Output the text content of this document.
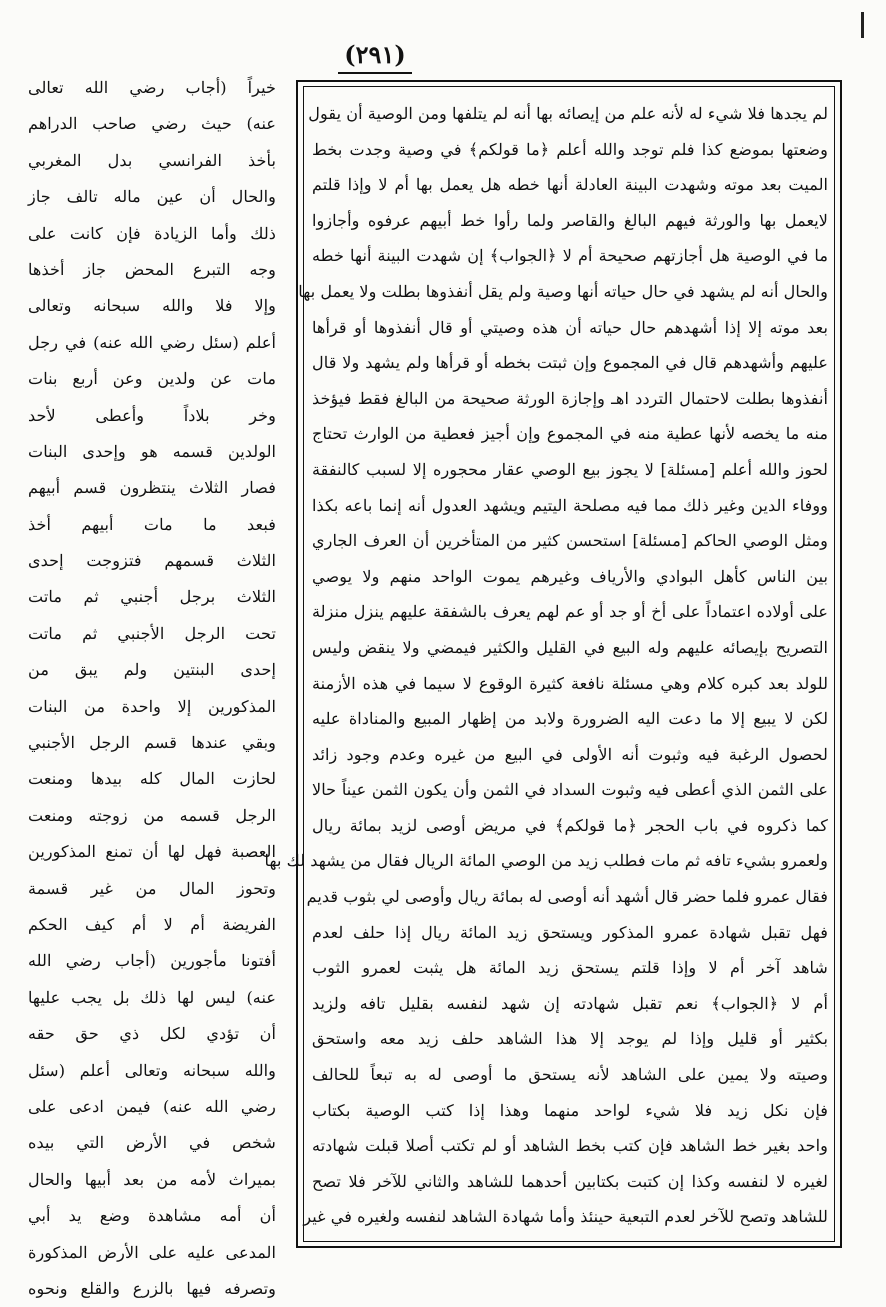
(٢٩١)
لم يجدها فلا شيء له لأنه علم من إيصائه بها أنه لم يتلفها ومن الوصية أن يقول
وضعتها بموضع كذا فلم توجد والله أعلم ﴿ما قولكم﴾ في وصية وجدت بخط
الميت بعد موته وشهدت البينة العادلة أنها خطه هل يعمل بها أم لا وإذا قلتم
لايعمل بها والورثة فيهم البالغ والقاصر ولما رأوا خط أبيهم عرفوه وأجازوا
ما في الوصية هل أجازتهم صحيحة أم لا ﴿الجواب﴾ إن شهدت البينة أنها خطه
والحال أنه لم يشهد في حال حياته أنها وصية ولم يقل أنفذوها بطلت ولا يعمل بها
بعد موته إلا إذا أشهدهم حال حياته أن هذه وصيتي أو قال أنفذوها أو قرأها
عليهم وأشهدهم قال في المجموع وإن ثبتت بخطه أو قرأها ولم يشهد ولا قال
أنفذوها بطلت لاحتمال التردد اهـ وإجازة الورثة صحيحة من البالغ فقط فيؤخذ
منه ما يخصه لأنها عطية منه في المجموع وإن أجيز فعطية من الوارث تحتاج
لحوز والله أعلم [مسئلة] لا يجوز بيع الوصي عقار محجوره إلا لسبب كالنفقة
ووفاء الدين وغير ذلك مما فيه مصلحة اليتيم ويشهد العدول أنه إنما باعه بكذا
ومثل الوصي الحاكم [مسئلة] استحسن كثير من المتأخرين أن العرف الجاري
بين الناس كأهل البوادي والأرياف وغيرهم يموت الواحد منهم ولا يوصي
على أولاده اعتماداً على أخ أو جد أو عم لهم يعرف بالشفقة عليهم ينزل منزلة
التصريح بإيصائه عليهم وله البيع في القليل والكثير فيمضي ولا ينقض وليس
للولد بعد كبره كلام وهي مسئلة نافعة كثيرة الوقوع لا سيما في هذه الأزمنة
لكن لا يبيع إلا ما دعت اليه الضرورة ولابد من إظهار المبيع والمناداة عليه
لحصول الرغبة فيه وثبوت أنه الأولى في البيع من غيره وعدم وجود زائد
على الثمن الذي أعطى فيه وثبوت السداد في الثمن وأن يكون الثمن عيناً حالا
كما ذكروه في باب الحجر ﴿ما قولكم﴾ في مريض أوصى لزيد بمائة ريال
ولعمرو بشيء تافه ثم مات فطلب زيد من الوصي المائة الريال فقال من يشهد لك بها
فقال عمرو فلما حضر قال أشهد أنه أوصى له بمائة ريال وأوصى لي بثوب قديم
فهل تقبل شهادة عمرو المذكور ويستحق زيد المائة ريال إذا حلف لعدم
شاهد آخر أم لا وإذا قلتم يستحق زيد المائة هل يثبت لعمرو الثوب
أم لا ﴿الجواب﴾ نعم تقبل شهادته إن شهد لنفسه بقليل تافه ولزيد
بكثير أو قليل وإذا لم يوجد إلا هذا الشاهد حلف زيد معه واستحق
وصيته ولا يمين على الشاهد لأنه يستحق ما أوصى له به تبعاً للحالف
فإن نكل زيد فلا شيء لواحد منهما وهذا إذا كتب الوصية بكتاب
واحد بغير خط الشاهد فإن كتب بخط الشاهد أو لم تكتب أصلا قبلت شهادته
لغيره لا لنفسه وكذا إن كتبت بكتابين أحدهما للشاهد والثاني للآخر فلا تصح
للشاهد وتصح للآخر لعدم التبعية حينئذ وأما شهادة الشاهد لنفسه ولغيره في غير
خيراً (أجاب رضي الله تعالى
عنه) حيث رضي صاحب الدراهم
بأخذ الفرانسي بدل المغربي
والحال أن عين ماله تالف جاز
ذلك وأما الزيادة فإن كانت على
وجه التبرع المحض جاز أخذها
وإلا فلا والله سبحانه وتعالى
أعلم (سئل رضي الله عنه) في رجل
مات عن ولدين وعن أربع بنات
وخر بلاداً وأعطى لأحد
الولدين قسمه هو وإحدى البنات
فصار الثلاث ينتظرون قسم أبيهم
فبعد ما مات أبيهم أخذ
الثلاث قسمهم فتزوجت إحدى
الثلاث برجل أجنبي ثم ماتت
تحت الرجل الأجنبي ثم ماتت
إحدى البنتين ولم يبق من
المذكورين إلا واحدة من البنات
وبقي عندها قسم الرجل الأجنبي
لحازت المال كله بيدها ومنعت
الرجل قسمه من زوجته ومنعت
العصبة فهل لها أن تمنع المذكورين
وتحوز المال من غير قسمة
الفريضة أم لا أم كيف الحكم
أفتونا مأجورين (أجاب رضي الله
عنه) ليس لها ذلك بل يجب عليها
أن تؤدي لكل ذي حق حقه
والله سبحانه وتعالى أعلم (سئل
رضي الله عنه) فيمن ادعى على
شخص في الأرض التي بيده
بميراث لأمه من بعد أبيها والحال
أن أمه مشاهدة وضع يد أبي
المدعى عليه على الأرض المذكورة
وتصرفه فيها بالزرع والقلع ونحوه
